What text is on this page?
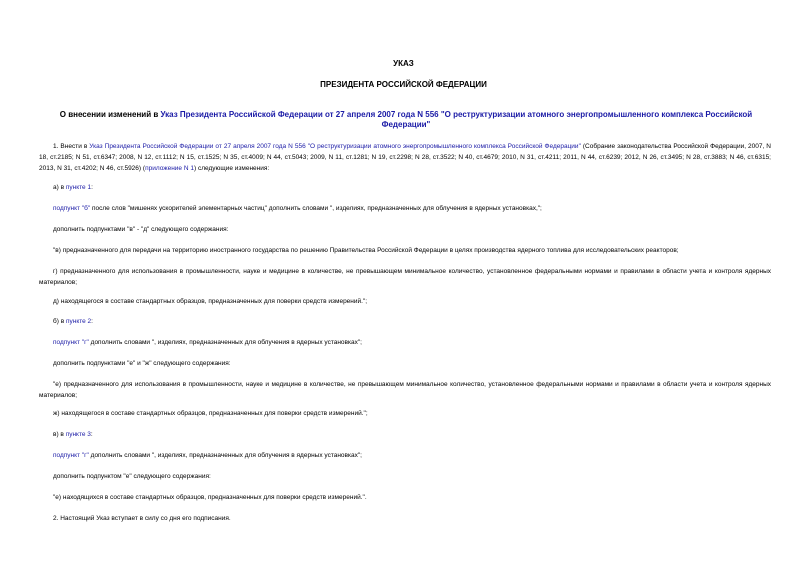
УКАЗ
ПРЕЗИДЕНТА РОССИЙСКОЙ ФЕДЕРАЦИИ
О внесении изменений в Указ Президента Российской Федерации от 27 апреля 2007 года N 556 "О реструктуризации атомного энергопромышленного комплекса Российской Федерации"
1. Внести в Указ Президента Российской Федерации от 27 апреля 2007 года N 556 "О реструктуризации атомного энергопромышленного комплекса Российской Федерации" (Собрание законодательства Российской Федерации, 2007, N 18, ст.2185; N 51, ст.6347; 2008, N 12, ст.1112; N 15, ст.1525; N 35, ст.4009; N 44, ст.5043; 2009, N 11, ст.1281; N 19, ст.2298; N 28, ст.3522; N 40, ст.4679; 2010, N 31, ст.4211; 2011, N 44, ст.6239; 2012, N 26, ст.3495; N 28, ст.3883; N 46, ст.6315; 2013, N 31, ст.4202; N 46, ст.5926) (приложение N 1) следующие изменения:
а) в пункте 1:
подпункт "б" после слов "мишенях ускорителей элементарных частиц" дополнить словами ", изделиях, предназначенных для облучения в ядерных установках,";
дополнить подпунктами "в" - "д" следующего содержания:
"в) предназначенного для передачи на территорию иностранного государства по решению Правительства Российской Федерации в целях производства ядерного топлива для исследовательских реакторов;
г) предназначенного для использования в промышленности, науке и медицине в количестве, не превышающем минимальное количество, установленное федеральными нормами и правилами в области учета и контроля ядерных материалов;
д) находящегося в составе стандартных образцов, предназначенных для поверки средств измерений.";
б) в пункте 2:
подпункт "г" дополнить словами ", изделиях, предназначенных для облучения в ядерных установках";
дополнить подпунктами "е" и "ж" следующего содержания:
"е) предназначенного для использования в промышленности, науке и медицине в количестве, не превышающем минимальное количество, установленное федеральными нормами и правилами в области учета и контроля ядерных материалов;
ж) находящегося в составе стандартных образцов, предназначенных для поверки средств измерений.";
в) в пункте 3:
подпункт "г" дополнить словами ", изделиях, предназначенных для облучения в ядерных установках";
дополнить подпунктом "е" следующего содержания:
"е) находящихся в составе стандартных образцов, предназначенных для поверки средств измерений.".
2. Настоящий Указ вступает в силу со дня его подписания.
